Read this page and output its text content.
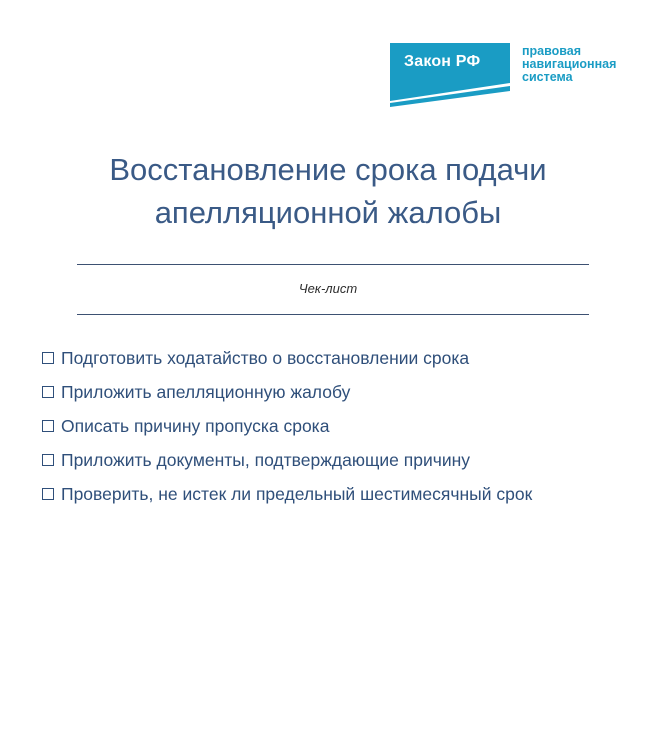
Закон РФ
правовая
навигационная
система
Восстановление срока подачи
апелляционной жалобы
Чек-лист
Подготовить ходатайство о восстановлении срока
Приложить апелляционную жалобу
Описать причину пропуска срока
Приложить документы, подтверждающие причину
Проверить, не истек ли предельный шестимесячный срок
